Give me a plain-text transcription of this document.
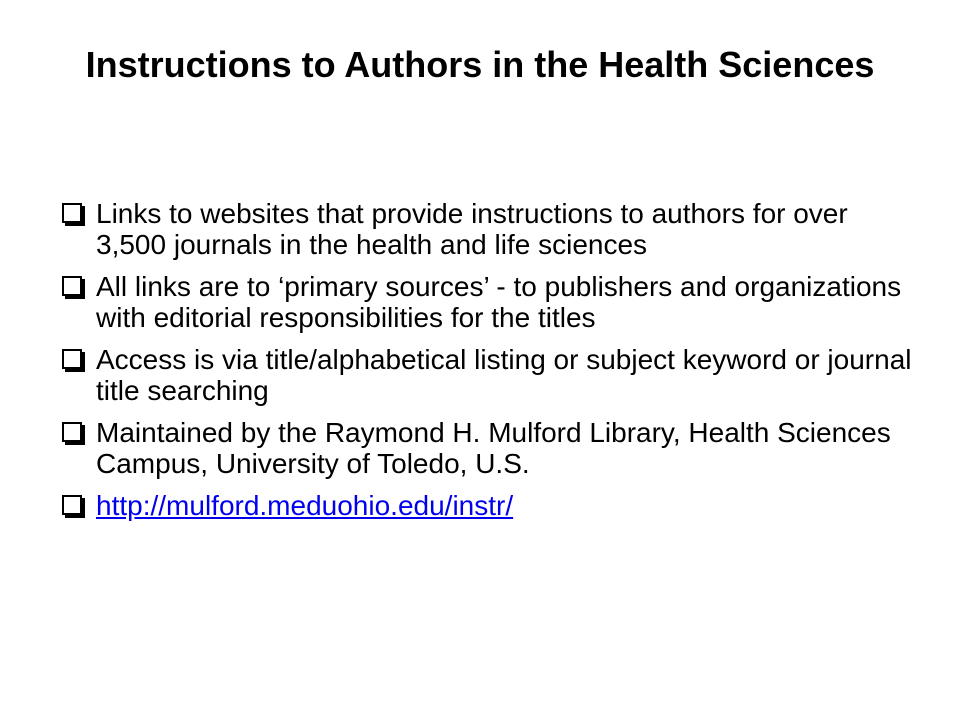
Instructions to Authors in the Health Sciences
Links to websites that provide instructions to authors for over 3,500 journals in the health and life sciences
All links are to ‘primary sources’ - to publishers and organizations with editorial responsibilities for the titles
Access is via title/alphabetical listing or subject keyword or journal title searching
Maintained by the Raymond H. Mulford Library, Health Sciences Campus, University of Toledo, U.S.
http://mulford.meduohio.edu/instr/
